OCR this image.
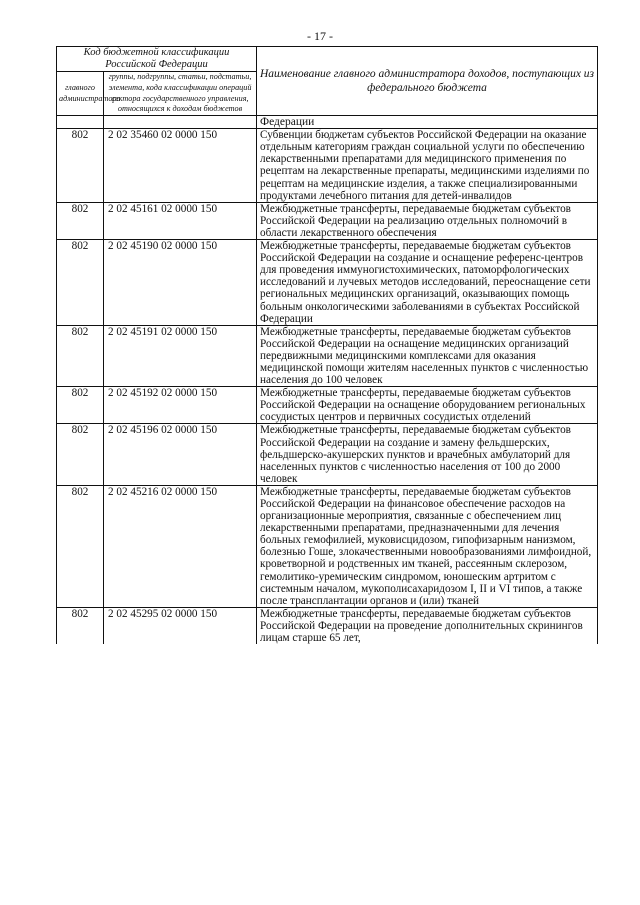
- 17 -
Код бюджетной классификации Российской Федерации		Наименование главного администратора доходов, поступающих из федерального бюджета
главного администратора	группы, подгруппы, статьи, подстатьи, элемента, кода классификации операций сектора государственного управления, относящихся к доходам бюджетов	
		Федерации
802	2 02 35460 02 0000 150	Субвенции бюджетам субъектов Российской Федерации на оказание отдельным категориям граждан социальной услуги по обеспечению лекарственными препаратами для медицинского применения по рецептам на лекарственные препараты, медицинскими изделиями по рецептам на медицинские изделия, а также специализированными продуктами лечебного питания для детей-инвалидов
802	2 02 45161 02 0000 150	Межбюджетные трансферты, передаваемые бюджетам субъектов Российской Федерации на реализацию отдельных полномочий в области лекарственного обеспечения
802	2 02 45190 02 0000 150	Межбюджетные трансферты, передаваемые бюджетам субъектов Российской Федерации на создание и оснащение референс-центров для проведения иммуногистохимических, патоморфологических исследований и лучевых методов исследований, переоснащение сети региональных медицинских организаций, оказывающих помощь больным онкологическими заболеваниями в субъектах Российской Федерации
802	2 02 45191 02 0000 150	Межбюджетные трансферты, передаваемые бюджетам субъектов Российской Федерации на оснащение медицинских организаций передвижными медицинскими комплексами для оказания медицинской помощи жителям населенных пунктов с численностью населения до 100 человек
802	2 02 45192 02 0000 150	Межбюджетные трансферты, передаваемые бюджетам субъектов Российской Федерации на оснащение оборудованием региональных сосудистых центров и первичных сосудистых отделений
802	2 02 45196 02 0000 150	Межбюджетные трансферты, передаваемые бюджетам субъектов Российской Федерации на создание и замену фельдшерских, фельдшерско-акушерских пунктов и врачебных амбулаторий для населенных пунктов с численностью населения от 100 до 2000 человек
802	2 02 45216 02 0000 150	Межбюджетные трансферты, передаваемые бюджетам субъектов Российской Федерации на финансовое обеспечение расходов на организационные мероприятия, связанные с обеспечением лиц лекарственными препаратами, предназначенными для лечения больных гемофилией, муковисцидозом, гипофизарным нанизмом, болезнью Гоше, злокачественными новообразованиями лимфоидной, кроветворной и родственных им тканей, рассеянным склерозом, гемолитико-уремическим синдромом, юношеским артритом с системным началом, мукополисахаридозом I, II и VI типов, а также после трансплантации органов и (или) тканей
802	2 02 45295 02 0000 150	Межбюджетные трансферты, передаваемые бюджетам субъектов Российской Федерации на проведение дополнительных скринингов лицам старше 65 лет,
